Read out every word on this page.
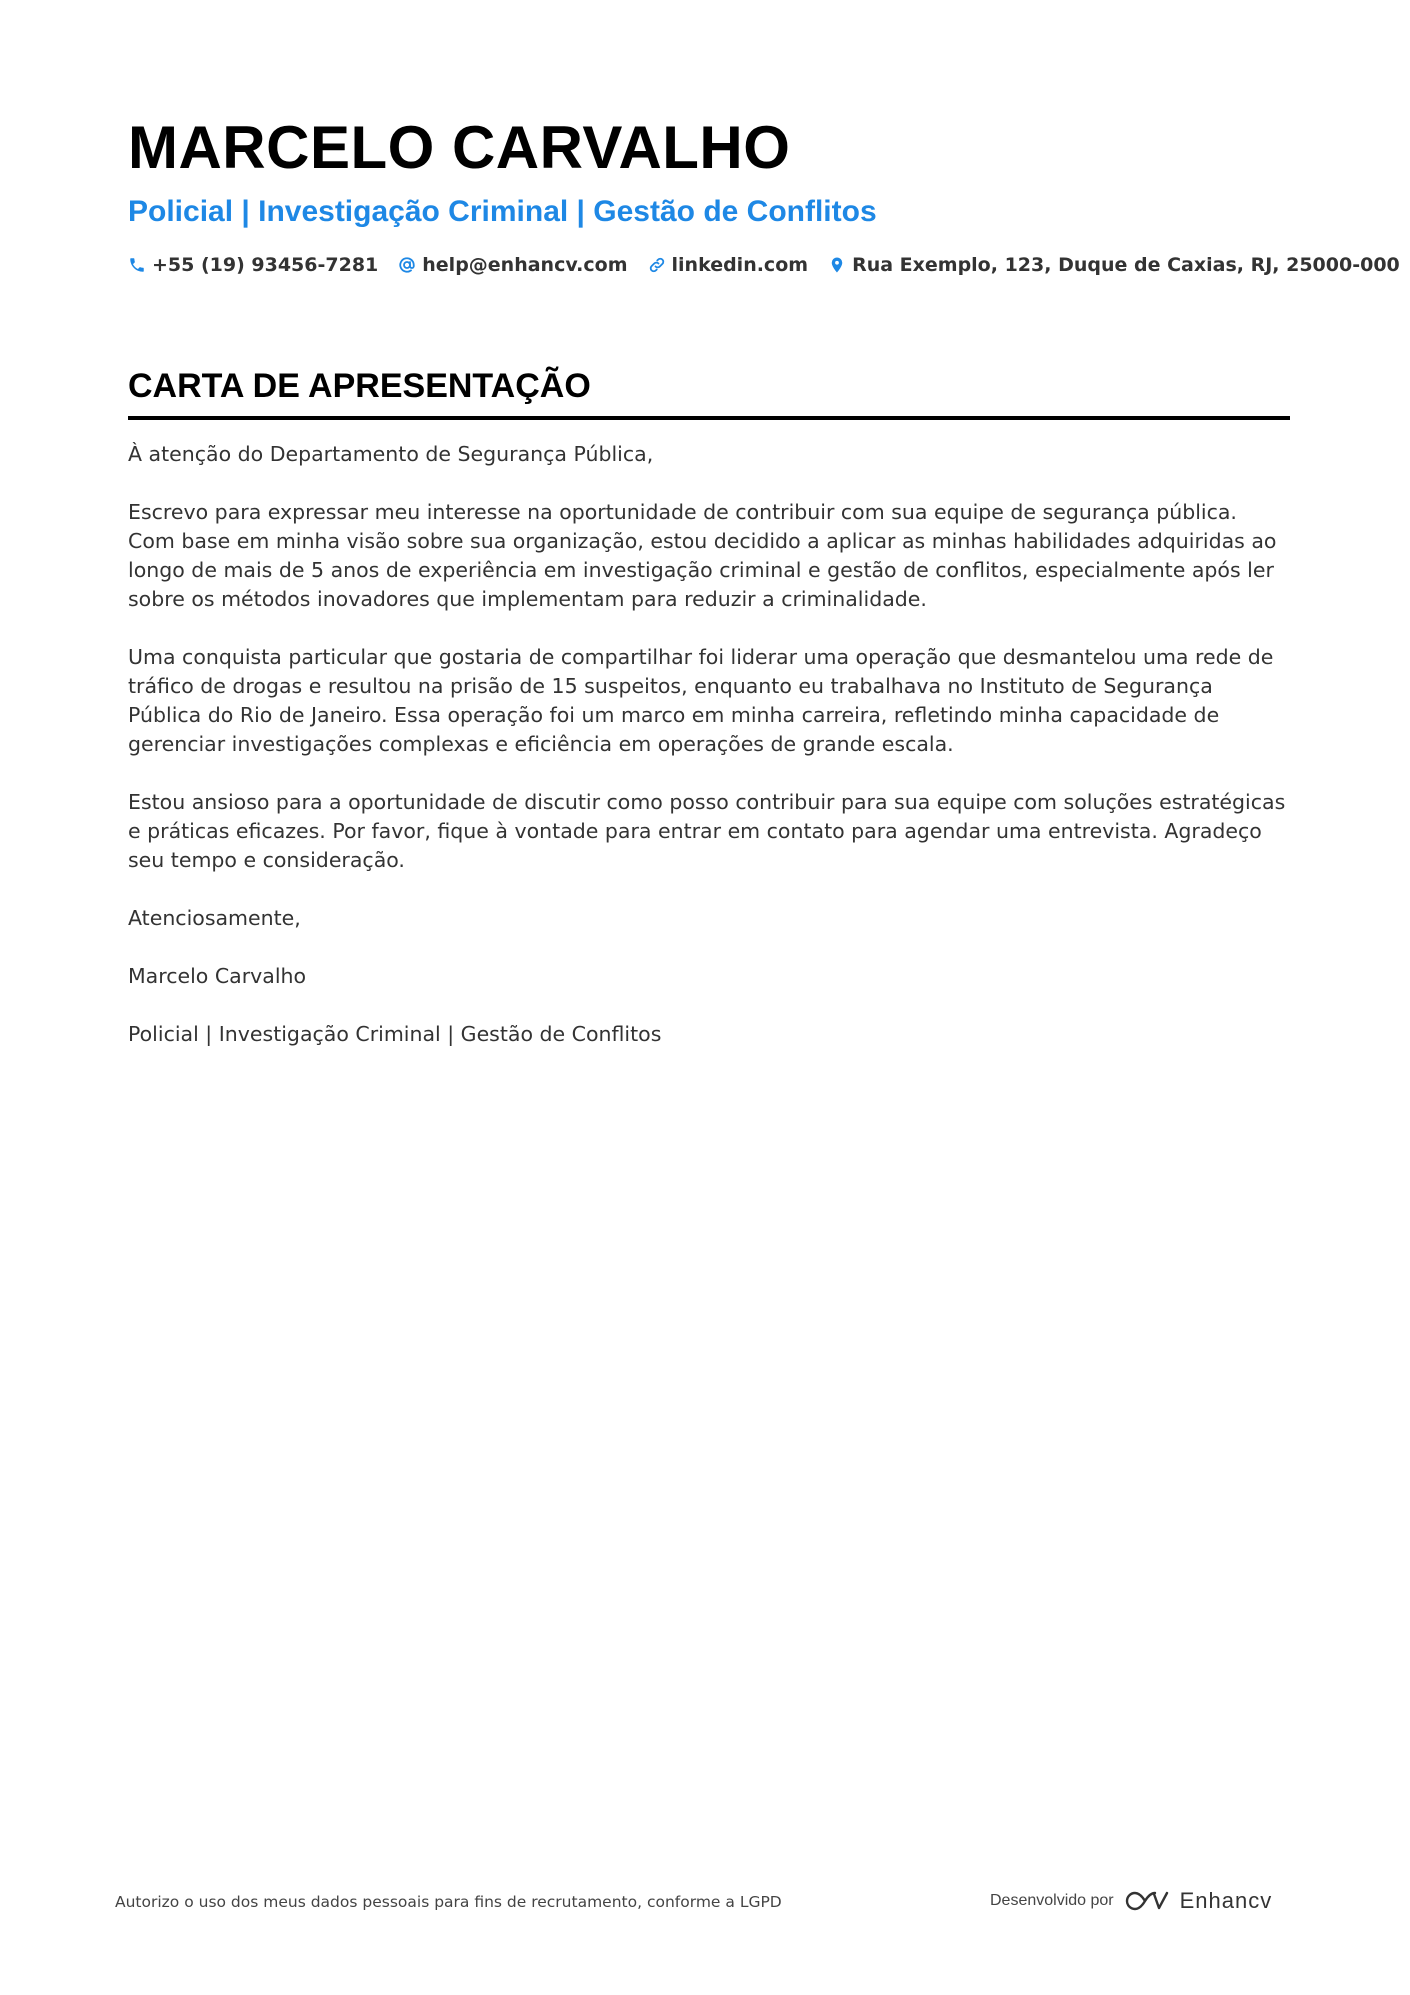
MARCELO CARVALHO
Policial | Investigação Criminal | Gestão de Conflitos
+55 (19) 93456-7281 help@enhancv.com linkedin.com Rua Exemplo, 123, Duque de Caxias, RJ, 25000-000
CARTA DE APRESENTAÇÃO

À atenção do Departamento de Segurança Pública,

Escrevo para expressar meu interesse na oportunidade de contribuir com sua equipe de segurança pública. Com base em minha visão sobre sua organização, estou decidido a aplicar as minhas habilidades adquiridas ao longo de mais de 5 anos de experiência em investigação criminal e gestão de conflitos, especialmente após ler sobre os métodos inovadores que implementam para reduzir a criminalidade.

Uma conquista particular que gostaria de compartilhar foi liderar uma operação que desmantelou uma rede de tráfico de drogas e resultou na prisão de 15 suspeitos, enquanto eu trabalhava no Instituto de Segurança Pública do Rio de Janeiro. Essa operação foi um marco em minha carreira, refletindo minha capacidade de gerenciar investigações complexas e eficiência em operações de grande escala.

Estou ansioso para a oportunidade de discutir como posso contribuir para sua equipe com soluções estratégicas e práticas eficazes. Por favor, fique à vontade para entrar em contato para agendar uma entrevista. Agradeço seu tempo e consideração.

Atenciosamente,

Marcelo Carvalho

Policial | Investigação Criminal | Gestão de Conflitos

Autorizo o uso dos meus dados pessoais para fins de recrutamento, conforme a LGPD	Desenvolvido por	Enhancv
